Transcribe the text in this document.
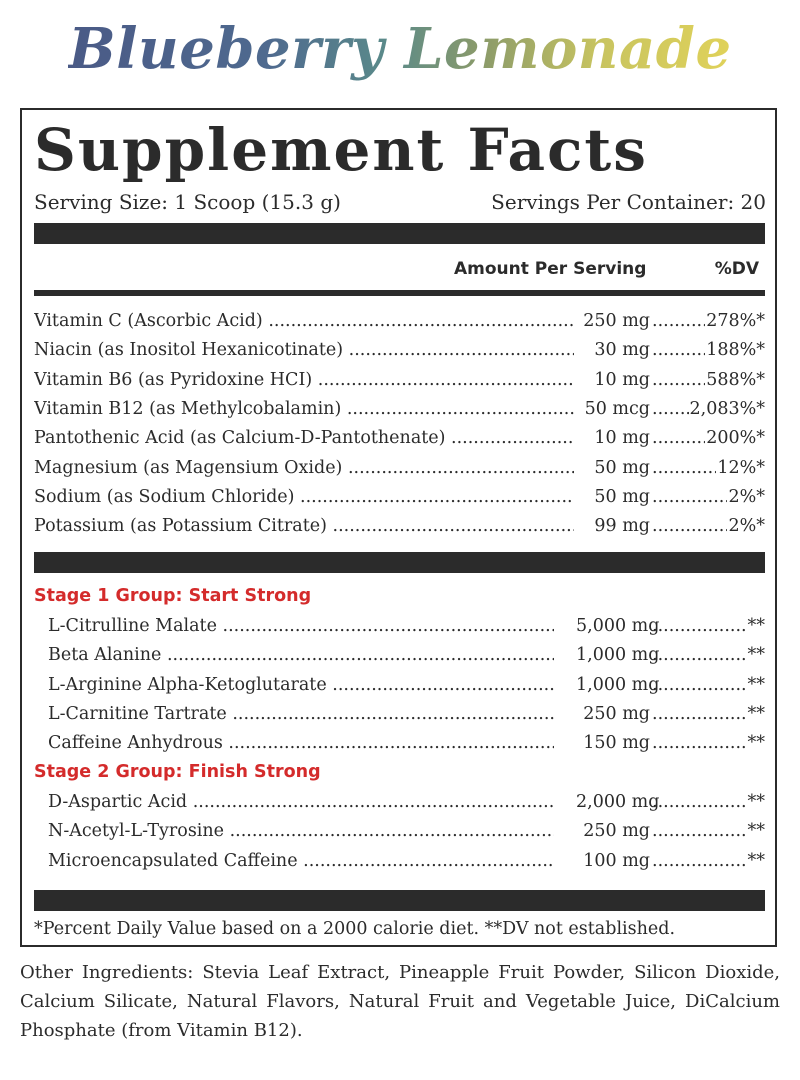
Blueberry Lemonade
Supplement Facts
Serving Size: 1 Scoop (15.3 g)	Servings Per Container: 20
Amount Per Serving	%DV
Vitamin C (Ascorbic Acid) .....	250 mg .....	278%*
Niacin (as Inositol Hexanicotinate) .....	30 mg .....	188%*
Vitamin B6 (as Pyridoxine HCI) .....	10 mg .....	588%*
Vitamin B12 (as Methylcobalamin) .....	50 mcg .....	2,083%*
Pantothenic Acid (as Calcium-D-Pantothenate) .....	10 mg .....	200%*
Magnesium (as Magensium Oxide) .....	50 mg .....	12%*
Sodium (as Sodium Chloride) .....	50 mg .....	2%*
Potassium (as Potassium Citrate) .....	99 mg .....	2%*
Stage 1 Group: Start Strong
L-Citrulline Malate .....	5,000 mg .....	**
Beta Alanine .....	1,000 mg .....	**
L-Arginine Alpha-Ketoglutarate .....	1,000 mg .....	**
L-Carnitine Tartrate .....	250 mg .....	**
Caffeine Anhydrous .....	150 mg .....	**
Stage 2 Group: Finish Strong
D-Aspartic Acid .....	2,000 mg .....	**
N-Acetyl-L-Tyrosine .....	250 mg .....	**
Microencapsulated Caffeine .....	100 mg .....	**
*Percent Daily Value based on a 2000 calorie diet. **DV not established.
Other Ingredients: Stevia Leaf Extract, Pineapple Fruit Powder, Silicon Dioxide, Calcium Silicate, Natural Flavors, Natural Fruit and Vegetable Juice, DiCalcium Phosphate (from Vitamin B12).
